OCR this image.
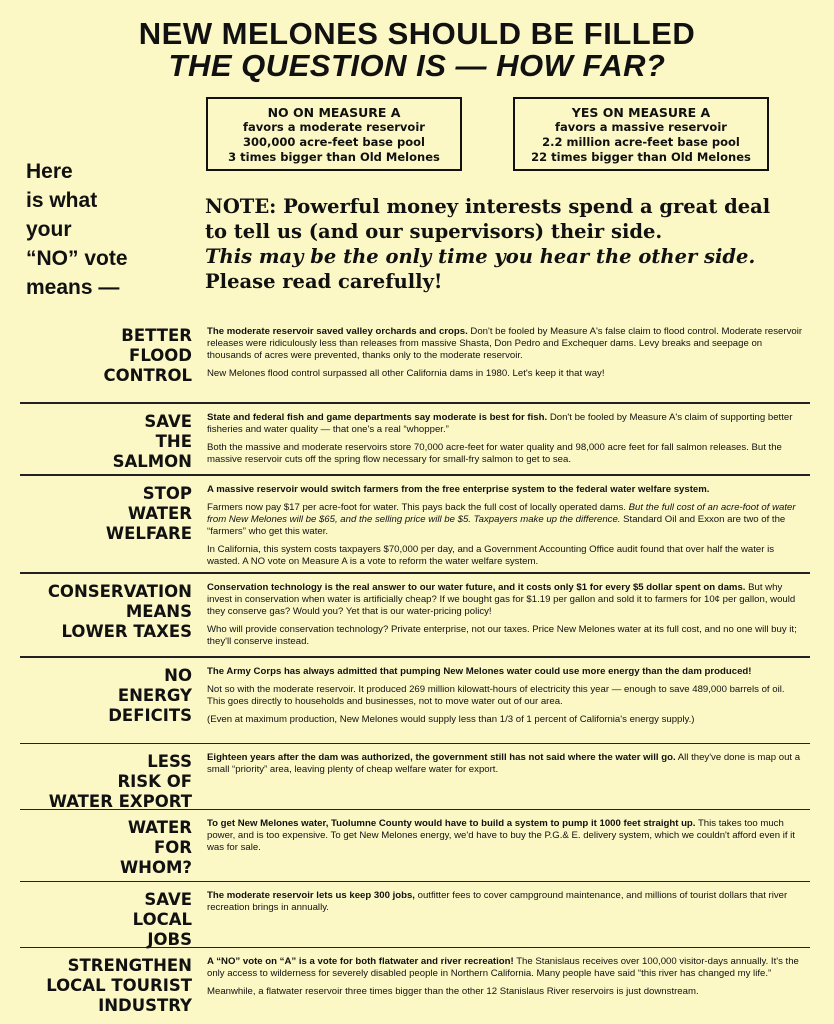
NEW MELONES SHOULD BE FILLED
THE QUESTION IS — HOW FAR?
NO ON MEASURE A
favors a moderate reservoir
300,000 acre-feet base pool
3 times bigger than Old Melones
YES ON MEASURE A
favors a massive reservoir
2.2 million acre-feet base pool
22 times bigger than Old Melones
Here
is what
your
“NO” vote
means —
NOTE: Powerful money interests spend a great deal
to tell us (and our supervisors) their side.
This may be the only time you hear the other side.
Please read carefully!
BETTER
FLOOD
CONTROL

The moderate reservoir saved valley orchards and crops. Don't be fooled by Measure A's false claim to flood control. Moderate reservoir releases were ridiculously less than releases from massive Shasta, Don Pedro and Exchequer dams. Levy breaks and seepage on thousands of acres were prevented, thanks only to the moderate reservoir.

New Melones flood control surpassed all other California dams in 1980. Let's keep it that way!

SAVE
THE
SALMON

State and federal fish and game departments say moderate is best for fish. Don't be fooled by Measure A's claim of supporting better fisheries and water quality — that one's a real “whopper.”

Both the massive and moderate reservoirs store 70,000 acre-feet for water quality and 98,000 acre feet for fall salmon releases. But the massive reservoir cuts off the spring flow necessary for small-fry salmon to get to sea.

STOP
WATER
WELFARE

A massive reservoir would switch farmers from the free enterprise system to the federal water welfare system.

Farmers now pay $17 per acre-foot for water. This pays back the full cost of locally operated dams. But the full cost of an acre-foot of water from New Melones will be $65, and the selling price will be $5. Taxpayers make up the difference. Standard Oil and Exxon are two of the “farmers” who get this water.

In California, this system costs taxpayers $70,000 per day, and a Government Accounting Office audit found that over half the water is wasted. A NO vote on Measure A is a vote to reform the water welfare system.

CONSERVATION
MEANS
LOWER TAXES

Conservation technology is the real answer to our water future, and it costs only $1 for every $5 dollar spent on dams. But why invest in conservation when water is artificially cheap? If we bought gas for $1.19 per gallon and sold it to farmers for 10¢ per gallon, would they conserve gas? Would you? Yet that is our water-pricing policy!

Who will provide conservation technology? Private enterprise, not our taxes. Price New Melones water at its full cost, and no one will buy it; they'll conserve instead.

NO
ENERGY
DEFICITS

The Army Corps has always admitted that pumping New Melones water could use more energy than the dam produced!

Not so with the moderate reservoir. It produced 269 million kilowatt-hours of electricity this year — enough to save 489,000 barrels of oil. This goes directly to households and businesses, not to move water out of our area.

(Even at maximum production, New Melones would supply less than 1/3 of 1 percent of California's energy supply.)

LESS
RISK OF
WATER EXPORT

Eighteen years after the dam was authorized, the government still has not said where the water will go. All they've done is map out a small “priority” area, leaving plenty of cheap welfare water for export.

WATER
FOR
WHOM?

To get New Melones water, Tuolumne County would have to build a system to pump it 1000 feet straight up. This takes too much power, and is too expensive. To get New Melones energy, we'd have to buy the P.G.& E. delivery system, which we couldn't afford even if it was for sale.

SAVE
LOCAL
JOBS

The moderate reservoir lets us keep 300 jobs, outfitter fees to cover campground maintenance, and millions of tourist dollars that river recreation brings in annually.

STRENGTHEN
LOCAL TOURIST
INDUSTRY

A “NO” vote on “A” is a vote for both flatwater and river recreation! The Stanislaus receives over 100,000 visitor-days annually. It's the only access to wilderness for severely disabled people in Northern California. Many people have said “this river has changed my life.”

Meanwhile, a flatwater reservoir three times bigger than the other 12 Stanislaus River reservoirs is just downstream.
